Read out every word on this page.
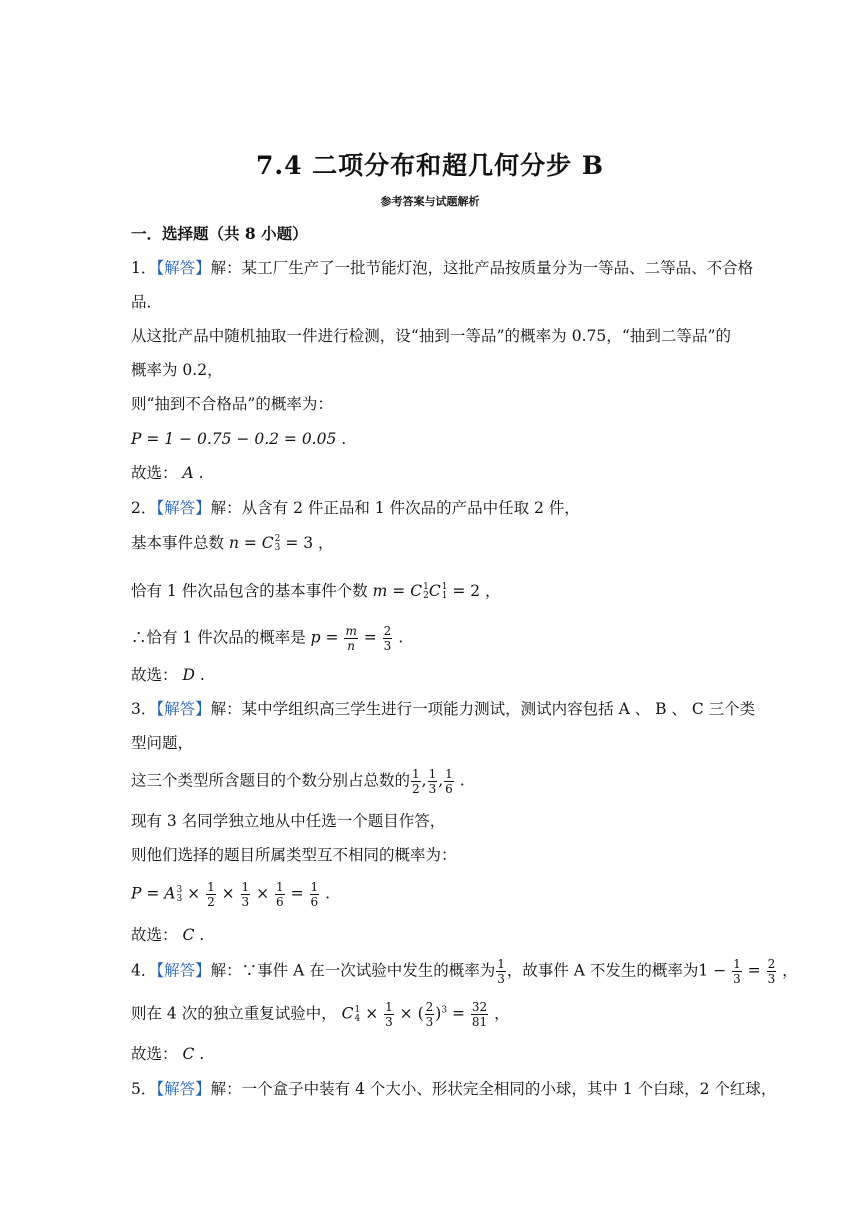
7.4 二项分布和超几何分步 B
参考答案与试题解析
一．选择题（共 8 小题）
1．【解答】解：某工厂生产了一批节能灯泡，这批产品按质量分为一等品、二等品、不合格
品．
从这批产品中随机抽取一件进行检测，设“抽到一等品”的概率为 0.75，“抽到二等品”的
概率为 0.2，
则“抽到不合格品”的概率为：
P = 1 − 0.75 − 0.2 = 0.05 .
故选： A .
2．【解答】解：从含有 2 件正品和 1 件次品的产品中任取 2 件，
基本事件总数 n = C 2
3 = 3 ，
恰有 1 件次品包含的基本事件个数 m = C 1
2 C 1
1 = 2 ，
∴恰有 1 件次品的概率是 $p = \frac{m}{n} = \frac{2}{3}$ .
故选： D .
3．【解答】解：某中学组织高三学生进行一项能力测试，测试内容包括 A 、 B 、 C 三个类
型问题，
这三个类型所含题目的个数分别占总数的 $\frac{1}{2}$ , $\frac{1}{3}$ , $\frac{1}{6}$ .
现有 3 名同学独立地从中任选一个题目作答，
则他们选择的题目所属类型互不相同的概率为：
P = A 3
$3 \times \frac{1}{2} \times \frac{1}{3} \times \frac{1}{6} = \frac{1}{6}$ .
故选： C .
4．【解答】解：∵事件 A 在一次试验中发生的概率为 $\frac{1}{3}$ ，故事件 A 不发生的概率为$1 - \frac{1}{3} = \frac{2}{3}$ ，
则在 4 次的独立重复试验中， C 1
$4 \times \frac{1}{3}$ × ( $\frac{2}{3} )^3 = \frac{32}{81}$ ，
故选： C .
5．【解答】解：一个盒子中装有 4 个大小、形状完全相同的小球，其中 1 个白球，2 个红球，
